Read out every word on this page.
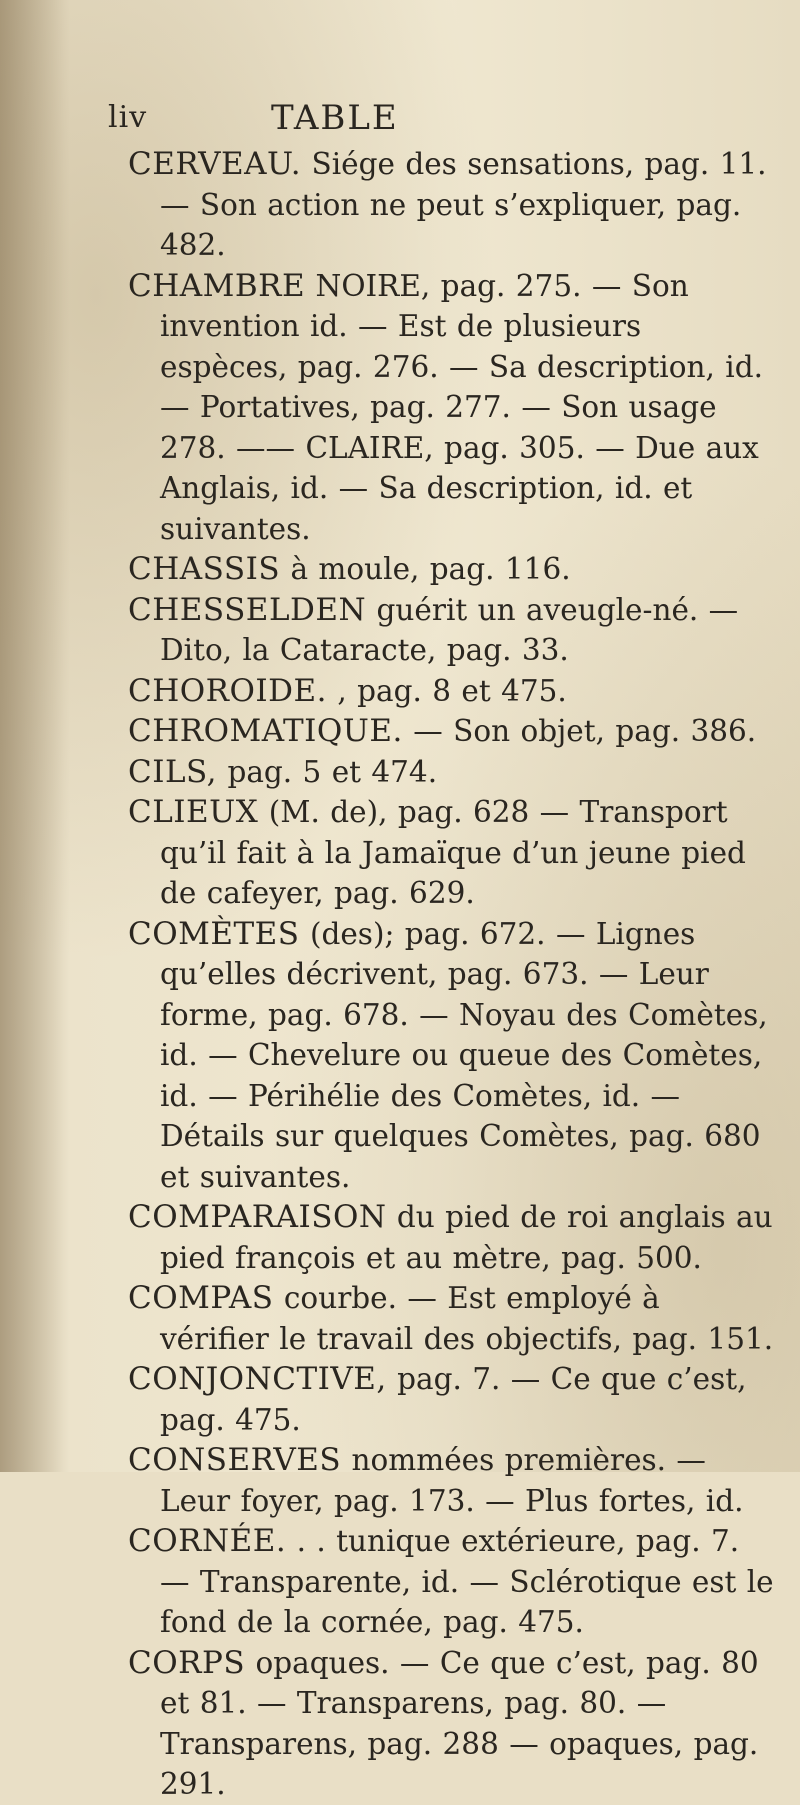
liv	TABLE
CERVEAU. Siége des sensations, pag. 11. — Son action ne peut s’expliquer, pag. 482.
CHAMBRE NOIRE, pag. 275. — Son invention id. — Est de plusieurs espèces, pag. 276. — Sa description, id. — Portatives, pag. 277. — Son usage 278. —— CLAIRE, pag. 305. — Due aux Anglais, id. — Sa description, id. et suivantes.
CHASSIS à moule, pag. 116.
CHESSELDEN guérit un aveugle-né. — Dito, la Cataracte, pag. 33.
CHOROIDE. , pag. 8 et 475.
CHROMATIQUE. — Son objet, pag. 386.
CILS, pag. 5 et 474.
CLIEUX (M. de), pag. 628 — Transport qu’il fait à la Jamaïque d’un jeune pied de cafeyer, pag. 629.
COMÈTES (des); pag. 672. — Lignes qu’elles décrivent, pag. 673. — Leur forme, pag. 678. — Noyau des Comètes, id. — Chevelure ou queue des Comètes, id. — Périhélie des Comètes, id. — Détails sur quelques Comètes, pag. 680 et suivantes.
COMPARAISON du pied de roi anglais au pied françois et au mètre, pag. 500.
COMPAS courbe. — Est employé à vérifier le travail des objectifs, pag. 151.
CONJONCTIVE, pag. 7. — Ce que c’est, pag. 475.
CONSERVES nommées premières. — Leur foyer, pag. 173. — Plus fortes, id.
CORNÉE. . . tunique extérieure, pag. 7. — Transparente, id. — Sclérotique est le fond de la cornée, pag. 475.
CORPS opaques. — Ce que c’est, pag. 80 et 81. — Transparens, pag. 80. — Transparens, pag. 288 — opaques, pag. 291.
